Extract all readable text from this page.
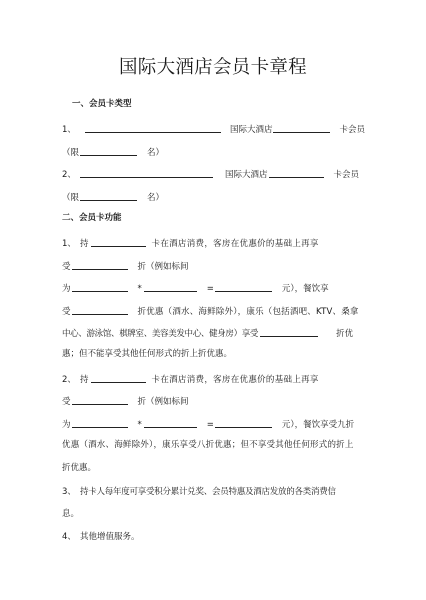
国际大酒店会员卡章程
一、会员卡类型
1、	国际大酒店	卡会员
（限	名）
2、	国际大酒店	卡会员
（限	名）
二、会员卡功能
1、 持	卡在酒店消费，客房在优惠价的基础上再享
受	折（例如标间
为	*	=	元），餐饮享
受	折优惠（酒水、海鲜除外），康乐（包括酒吧、KTV、桑拿
中心、游泳馆、棋牌室、美容美发中心、健身房）享受	折优
惠；但不能享受其他任何形式的折上折优惠。
2、 持	卡在酒店消费，客房在优惠价的基础上再享
受	折（例如标间
为	*	=	元），餐饮享受九折
优惠（酒水、海鲜除外），康乐享受八折优惠；但不享受其他任何形式的折上
折优惠。
3、 持卡人每年度可享受积分累计兑奖、会员特惠及酒店发放的各类消费信
息。
4、 其他增值服务。
